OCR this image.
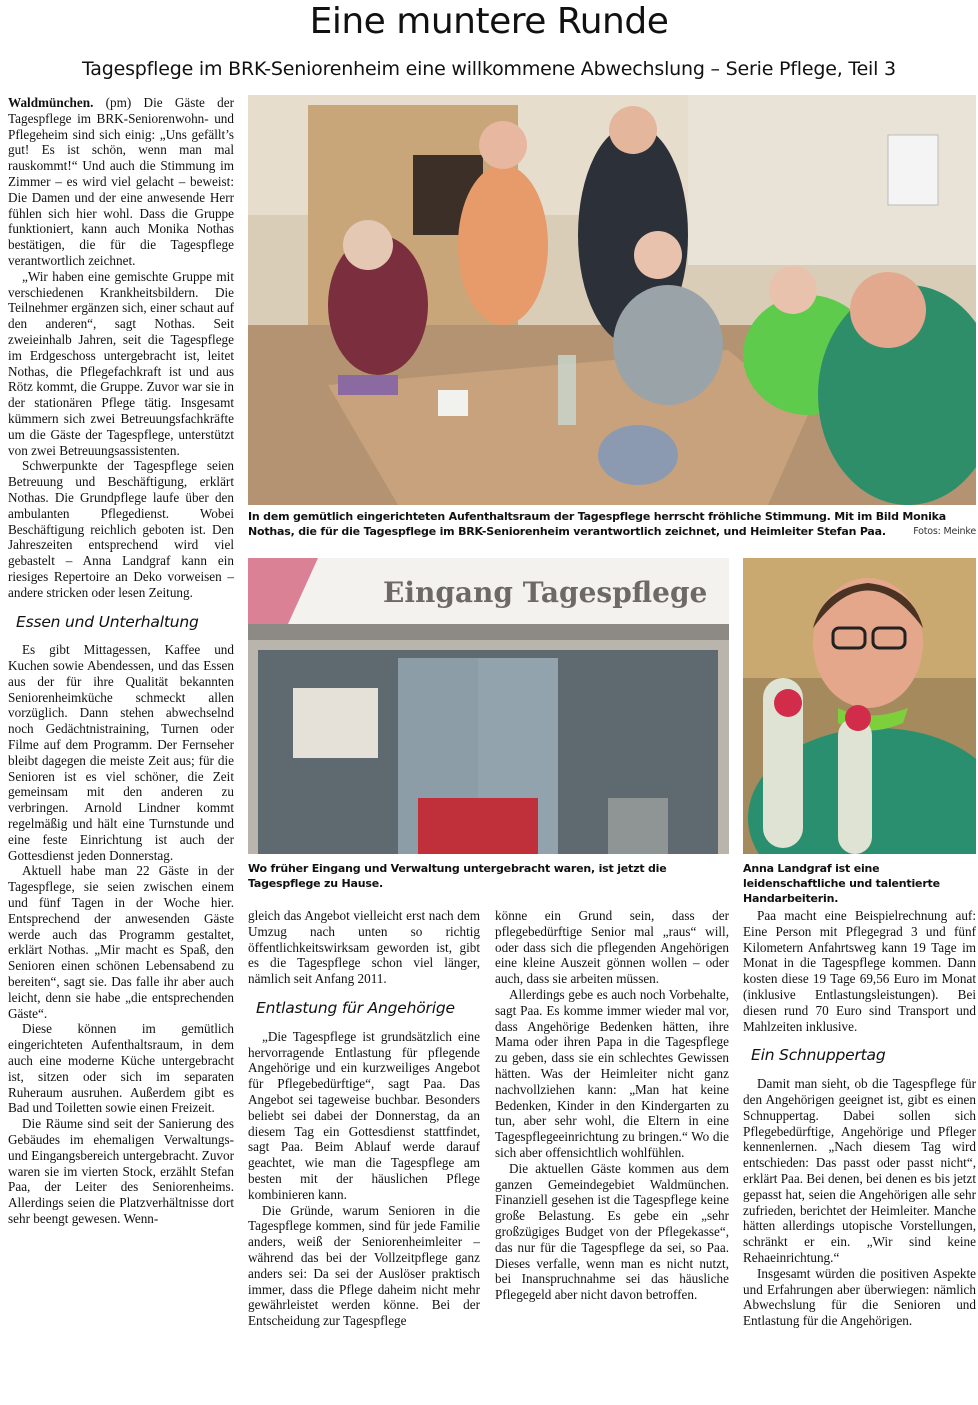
Eine muntere Runde
Tagespflege im BRK-Seniorenheim eine willkommene Abwechslung – Serie Pflege, Teil 3

Waldmünchen. (pm) Die Gäste der Tagespflege im BRK-Seniorenwohn- und Pflegeheim sind sich einig: „Uns gefällt’s gut! Es ist schön, wenn man mal rauskommt!“ Und auch die Stimmung im Zimmer – es wird viel gelacht – beweist: Die Damen und der eine anwesende Herr fühlen sich hier wohl. Dass die Gruppe funktioniert, kann auch Monika Nothas bestätigen, die für die Tagespflege verantwortlich zeichnet.

„Wir haben eine gemischte Gruppe mit verschiedenen Krankheitsbildern. Die Teilnehmer ergänzen sich, einer schaut auf den anderen“, sagt Nothas. Seit zweieinhalb Jahren, seit die Tagespflege im Erdgeschoss untergebracht ist, leitet Nothas, die Pflegefachkraft ist und aus Rötz kommt, die Gruppe. Zuvor war sie in der stationären Pflege tätig. Insgesamt kümmern sich zwei Betreuungsfachkräfte um die Gäste der Tagespflege, unterstützt von zwei Betreuungsassistenten.

Schwerpunkte der Tagespflege seien Betreuung und Beschäftigung, erklärt Nothas. Die Grundpflege laufe über den ambulanten Pflegedienst. Wobei Beschäftigung reichlich geboten ist. Den Jahreszeiten entsprechend wird viel gebastelt – Anna Landgraf kann ein riesiges Repertoire an Deko vorweisen – andere stricken oder lesen Zeitung.

Essen und Unterhaltung

Es gibt Mittagessen, Kaffee und Kuchen sowie Abendessen, und das Essen aus der für ihre Qualität bekannten Seniorenheimküche schmeckt allen vorzüglich. Dann stehen abwechselnd noch Gedächtnistraining, Turnen oder Filme auf dem Programm. Der Fernseher bleibt dagegen die meiste Zeit aus; für die Senioren ist es viel schöner, die Zeit gemeinsam mit den anderen zu verbringen. Arnold Lindner kommt regelmäßig und hält eine Turnstunde und eine feste Einrichtung ist auch der Gottesdienst jeden Donnerstag.

Aktuell habe man 22 Gäste in der Tagespflege, sie seien zwischen einem und fünf Tagen in der Woche hier. Entsprechend der anwesenden Gäste werde auch das Programm gestaltet, erklärt Nothas. „Mir macht es Spaß, den Senioren einen schönen Lebensabend zu bereiten“, sagt sie. Das falle ihr aber auch leicht, denn sie habe „die entsprechenden Gäste“.

Diese können im gemütlich eingerichteten Aufenthaltsraum, in dem auch eine moderne Küche untergebracht ist, sitzen oder sich im separaten Ruheraum ausruhen. Außerdem gibt es Bad und Toiletten sowie einen Freizeit.

Die Räume sind seit der Sanierung des Gebäudes im ehemaligen Verwaltungs- und Eingangsbereich untergebracht. Zuvor waren sie im vierten Stock, erzählt Stefan Paa, der Leiter des Seniorenheims. Allerdings seien die Platzverhältnisse dort sehr beengt gewesen. Wenn-

In dem gemütlich eingerichteten Aufenthaltsraum der Tagespflege herrscht fröhliche Stimmung. Mit im Bild Monika Nothas, die für die Tagespflege im BRK-Seniorenheim verantwortlich zeichnet, und Heimleiter Stefan Paa.	Fotos: Meinke
Eingang Tagespflege
Wo früher Eingang und Verwaltung untergebracht waren, ist jetzt die Tagespflege zu Hause.
Anna Landgraf ist eine leidenschaftliche und talentierte Handarbeiterin.

gleich das Angebot vielleicht erst nach dem Umzug nach unten so richtig öffentlichkeitswirksam geworden ist, gibt es die Tagespflege schon viel länger, nämlich seit Anfang 2011.

Entlastung für Angehörige

„Die Tagespflege ist grundsätzlich eine hervorragende Entlastung für pflegende Angehörige und ein kurzweiliges Angebot für Pflegebedürftige“, sagt Paa. Das Angebot sei tageweise buchbar. Besonders beliebt sei dabei der Donnerstag, da an diesem Tag ein Gottesdienst stattfindet, sagt Paa. Beim Ablauf werde darauf geachtet, wie man die Tagespflege am besten mit der häuslichen Pflege kombinieren kann.

Die Gründe, warum Senioren in die Tagespflege kommen, sind für jede Familie anders, weiß der Seniorenheimleiter – während das bei der Vollzeitpflege ganz anders sei: Da sei der Auslöser praktisch immer, dass die Pflege daheim nicht mehr gewährleistet werden könne. Bei der Entscheidung zur Tagespflege

könne ein Grund sein, dass der pflegebedürftige Senior mal „raus“ will, oder dass sich die pflegenden Angehörigen eine kleine Auszeit gönnen wollen – oder auch, dass sie arbeiten müssen.

Allerdings gebe es auch noch Vorbehalte, sagt Paa. Es komme immer wieder mal vor, dass Angehörige Bedenken hätten, ihre Mama oder ihren Papa in die Tagespflege zu geben, dass sie ein schlechtes Gewissen hätten. Was der Heimleiter nicht ganz nachvollziehen kann: „Man hat keine Bedenken, Kinder in den Kindergarten zu tun, aber sehr wohl, die Eltern in eine Tagespflegeeinrichtung zu bringen.“ Wo die sich aber offensichtlich wohlfühlen.

Die aktuellen Gäste kommen aus dem ganzen Gemeindegebiet Waldmünchen. Finanziell gesehen ist die Tagespflege keine große Belastung. Es gebe ein „sehr großzügiges Budget von der Pflegekasse“, das nur für die Tagespflege da sei, so Paa. Dieses verfalle, wenn man es nicht nutzt, bei Inanspruchnahme sei das häusliche Pflegegeld aber nicht davon betroffen.

Paa macht eine Beispielrechnung auf: Eine Person mit Pflegegrad 3 und fünf Kilometern Anfahrtsweg kann 19 Tage im Monat in die Tagespflege kommen. Dann kosten diese 19 Tage 69,56 Euro im Monat (inklusive Entlastungsleistungen). Bei diesen rund 70 Euro sind Transport und Mahlzeiten inklusive.

Ein Schnuppertag

Damit man sieht, ob die Tagespflege für den Angehörigen geeignet ist, gibt es einen Schnuppertag. Dabei sollen sich Pflegebedürftige, Angehörige und Pfleger kennenlernen. „Nach diesem Tag wird entschieden: Das passt oder passt nicht“, erklärt Paa. Bei denen, bei denen es bis jetzt gepasst hat, seien die Angehörigen alle sehr zufrieden, berichtet der Heimleiter. Manche hätten allerdings utopische Vorstellungen, schränkt er ein. „Wir sind keine Rehaeinrichtung.“

Insgesamt würden die positiven Aspekte und Erfahrungen aber überwiegen: nämlich Abwechslung für die Senioren und Entlastung für die Angehörigen.
